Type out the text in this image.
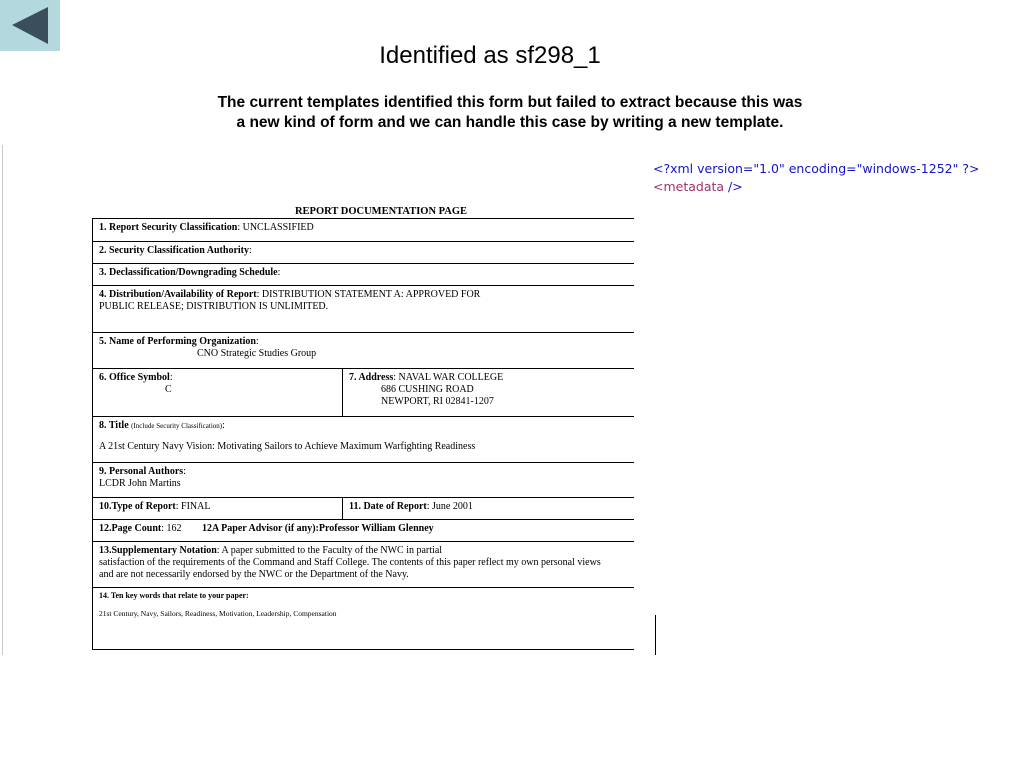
Identified as sf298_1
The current templates identified this form but failed to extract because this was
a new kind of form and we can handle this case by writing a new template.
REPORT DOCUMENTATION PAGE
1. Report Security Classification: UNCLASSIFIED	
2. Security Classification Authority:	
3. Declassification/Downgrading Schedule:	
4. Distribution/Availability of Report: DISTRIBUTION STATEMENT A: APPROVED FOR
PUBLIC RELEASE; DISTRIBUTION IS UNLIMITED.	
5. Name of Performing Organization:
CNO Strategic Studies Group	

6. Office Symbol:
C	7. Address: NAVAL WAR COLLEGE
686 CUSHING ROAD
NEWPORT, RI 02841-1207

8. Title (Include Security Classification):

A 21st Century Navy Vision: Motivating Sailors to Achieve Maximum Warfighting Readiness	

9. Personal Authors:
LCDR John Martins	
10.Type of Report: FINAL	11. Date of Report: June 2001
12.Page Count: 162 12A Paper Advisor (if any):Professor William Glenney	
13.Supplementary Notation: A paper submitted to the Faculty of the NWC in partial
satisfaction of the requirements of the Command and Staff College. The contents of this paper reflect my own personal views
and are not necessarily endorsed by the NWC or the Department of the Navy.	
14. Ten key words that relate to your paper:

21st Century, Navy, Sailors, Readiness, Motivation, Leadership, Compensation	
<?xml version="1.0" encoding="windows-1252" ?>
<metadata />
